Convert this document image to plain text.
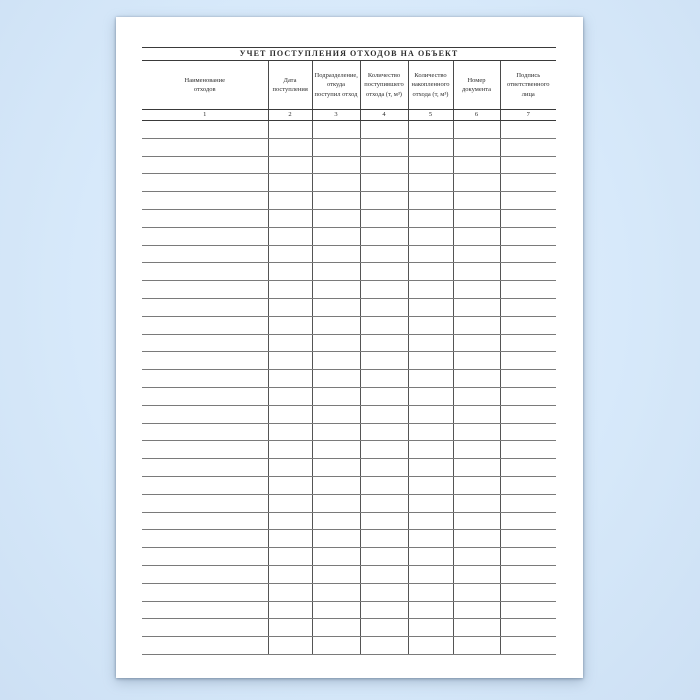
УЧЕТ ПОСТУПЛЕНИЯ ОТХОДОВ НА ОБЪЕКТ						
Наименование отходов	Дата поступления	Подразделение, откуда поступил отход	Количество поступившего отхода (т, м³)	Количество накопленного отхода (т, м³)	Номер документа	Подпись ответственного лица
1	2	3	4	5	6	7
